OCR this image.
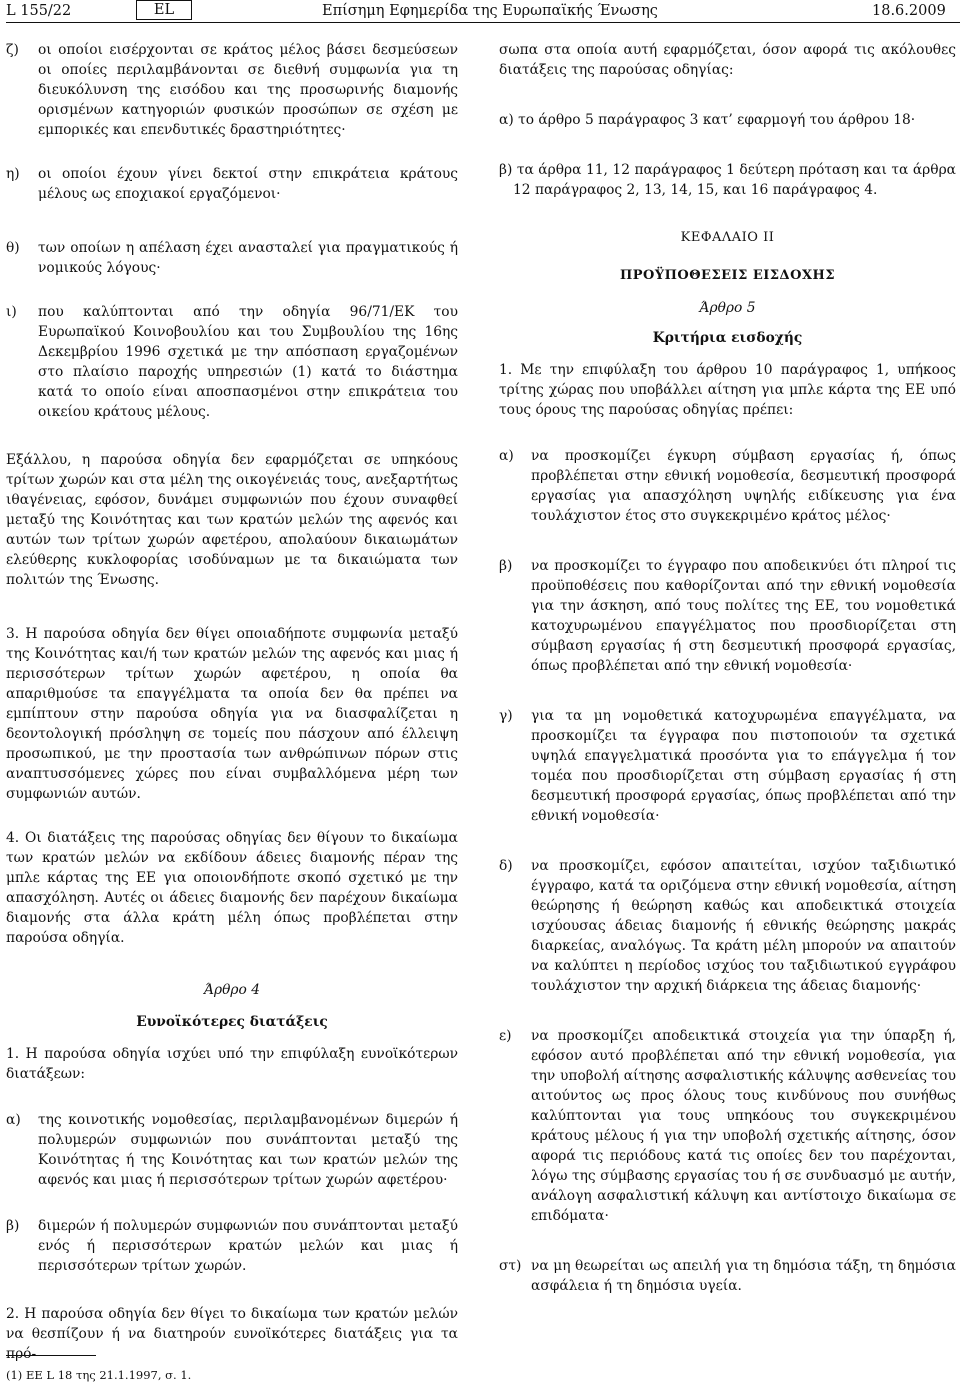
L 155/22	EL	Επίσημη Εφημερίδα της Ευρωπαϊκής Ένωσης	18.6.2009
ζ)	οι οποίοι εισέρχονται σε κράτος μέλος βάσει δεσμεύσεων οι οποίες περιλαμβάνονται σε διεθνή συμφωνία για τη διευκόλυνση της εισόδου και της προσωρινής διαμονής ορισμένων κατηγοριών φυσικών προσώπων σε σχέση με εμπορικές και επενδυτικές δραστηριότητες·
η)	οι οποίοι έχουν γίνει δεκτοί στην επικράτεια κράτους μέλους ως εποχιακοί εργαζόμενοι·
θ)	των οποίων η απέλαση έχει ανασταλεί για πραγματικούς ή νομικούς λόγους·
ι)	που καλύπτονται από την οδηγία 96/71/ΕΚ του Ευρωπαϊκού Κοινοβουλίου και του Συμβουλίου της 16ης Δεκεμβρίου 1996 σχετικά με την απόσπαση εργαζομένων στο πλαίσιο παροχής υπηρεσιών (1) κατά το διάστημα κατά το οποίο είναι αποσπασμένοι στην επικράτεια του οικείου κράτους μέλους.

Εξάλλου, η παρούσα οδηγία δεν εφαρμόζεται σε υπηκόους τρίτων χωρών και στα μέλη της οικογένειάς τους, ανεξαρτήτως ιθαγένειας, εφόσον, δυνάμει συμφωνιών που έχουν συναφθεί μεταξύ της Κοινότητας και των κρατών μελών της αφενός και αυτών των τρίτων χωρών αφετέρου, απολαύουν δικαιωμάτων ελεύθερης κυκλοφορίας ισοδύναμων με τα δικαιώματα των πολιτών της Ένωσης.

3. Η παρούσα οδηγία δεν θίγει οποιαδήποτε συμφωνία μεταξύ της Κοινότητας και/ή των κρατών μελών της αφενός και μιας ή περισσότερων τρίτων χωρών αφετέρου, η οποία θα απαριθμούσε τα επαγγέλματα τα οποία δεν θα πρέπει να εμπίπτουν στην παρούσα οδηγία για να διασφαλίζεται η δεοντολογική πρόσληψη σε τομείς που πάσχουν από έλλειψη προσωπικού, με την προστασία των ανθρώπινων πόρων στις αναπτυσσόμενες χώρες που είναι συμβαλλόμενα μέρη των συμφωνιών αυτών.

4. Οι διατάξεις της παρούσας οδηγίας δεν θίγουν το δικαίωμα των κρατών μελών να εκδίδουν άδειες διαμονής πέραν της μπλε κάρτας της ΕΕ για οποιονδήποτε σκοπό σχετικό με την απασχόληση. Αυτές οι άδειες διαμονής δεν παρέχουν δικαίωμα διαμονής στα άλλα κράτη μέλη όπως προβλέπεται στην παρούσα οδηγία.

Άρθρο 4

Ευνοϊκότερες διατάξεις

1. Η παρούσα οδηγία ισχύει υπό την επιφύλαξη ευνοϊκότερων διατάξεων:

α)	της κοινοτικής νομοθεσίας, περιλαμβανομένων διμερών ή πολυμερών συμφωνιών που συνάπτονται μεταξύ της Κοινότητας ή της Κοινότητας και των κρατών μελών της αφενός και μιας ή περισσότερων τρίτων χωρών αφετέρου·
β)	διμερών ή πολυμερών συμφωνιών που συνάπτονται μεταξύ ενός ή περισσότερων κρατών μελών και μιας ή περισσότερων τρίτων χωρών.

2. Η παρούσα οδηγία δεν θίγει το δικαίωμα των κρατών μελών να θεσπίζουν ή να διατηρούν ευνοϊκότερες διατάξεις για τα πρό-

σωπα στα οποία αυτή εφαρμόζεται, όσον αφορά τις ακόλουθες διατάξεις της παρούσας οδηγίας:

α) το άρθρο 5 παράγραφος 3 κατ’ εφαρμογή του άρθρου 18·

β) τα άρθρα 11, 12 παράγραφος 1 δεύτερη πρόταση και τα άρθρα 12 παράγραφος 2, 13, 14, 15, και 16 παράγραφος 4.

ΚΕΦΑΛΑΙΟ ΙΙ

ΠΡΟΫΠΟΘΕΣΕΙΣ ΕΙΣΔΟΧΗΣ

Άρθρο 5

Κριτήρια εισδοχής

1. Με την επιφύλαξη του άρθρου 10 παράγραφος 1, υπήκοος τρίτης χώρας που υποβάλλει αίτηση για μπλε κάρτα της ΕΕ υπό τους όρους της παρούσας οδηγίας πρέπει:

α)	να προσκομίζει έγκυρη σύμβαση εργασίας ή, όπως προβλέπεται στην εθνική νομοθεσία, δεσμευτική προσφορά εργασίας για απασχόληση υψηλής ειδίκευσης για ένα τουλάχιστον έτος στο συγκεκριμένο κράτος μέλος·
β)	να προσκομίζει το έγγραφο που αποδεικνύει ότι πληροί τις προϋποθέσεις που καθορίζονται από την εθνική νομοθεσία για την άσκηση, από τους πολίτες της ΕΕ, του νομοθετικά κατοχυρωμένου επαγγέλματος που προσδιορίζεται στη σύμβαση εργασίας ή στη δεσμευτική προσφορά εργασίας, όπως προβλέπεται από την εθνική νομοθεσία·
γ)	για τα μη νομοθετικά κατοχυρωμένα επαγγέλματα, να προσκομίζει τα έγγραφα που πιστοποιούν τα σχετικά υψηλά επαγγελματικά προσόντα για το επάγγελμα ή τον τομέα που προσδιορίζεται στη σύμβαση εργασίας ή στη δεσμευτική προσφορά εργασίας, όπως προβλέπεται από την εθνική νομοθεσία·
δ)	να προσκομίζει, εφόσον απαιτείται, ισχύον ταξιδιωτικό έγγραφο, κατά τα οριζόμενα στην εθνική νομοθεσία, αίτηση θεώρησης ή θεώρηση καθώς και αποδεικτικά στοιχεία ισχύουσας άδειας διαμονής ή εθνικής θεώρησης μακράς διαρκείας, αναλόγως. Τα κράτη μέλη μπορούν να απαιτούν να καλύπτει η περίοδος ισχύος του ταξιδιωτικού εγγράφου τουλάχιστον την αρχική διάρκεια της άδειας διαμονής·
ε)	να προσκομίζει αποδεικτικά στοιχεία για την ύπαρξη ή, εφόσον αυτό προβλέπεται από την εθνική νομοθεσία, για την υποβολή αίτησης ασφαλιστικής κάλυψης ασθενείας του αιτούντος ως προς όλους τους κινδύνους που συνήθως καλύπτονται για τους υπηκόους του συγκεκριμένου κράτους μέλους ή για την υποβολή σχετικής αίτησης, όσον αφορά τις περιόδους κατά τις οποίες δεν του παρέχονται, λόγω της σύμβασης εργασίας του ή σε συνδυασμό με αυτήν, ανάλογη ασφαλιστική κάλυψη και αντίστοιχο δικαίωμα σε επιδόματα·
στ) να μη θεωρείται ως απειλή για τη δημόσια τάξη, τη δημόσια ασφάλεια ή τη δημόσια υγεία.
(1) ΕΕ L 18 της 21.1.1997, σ. 1.
